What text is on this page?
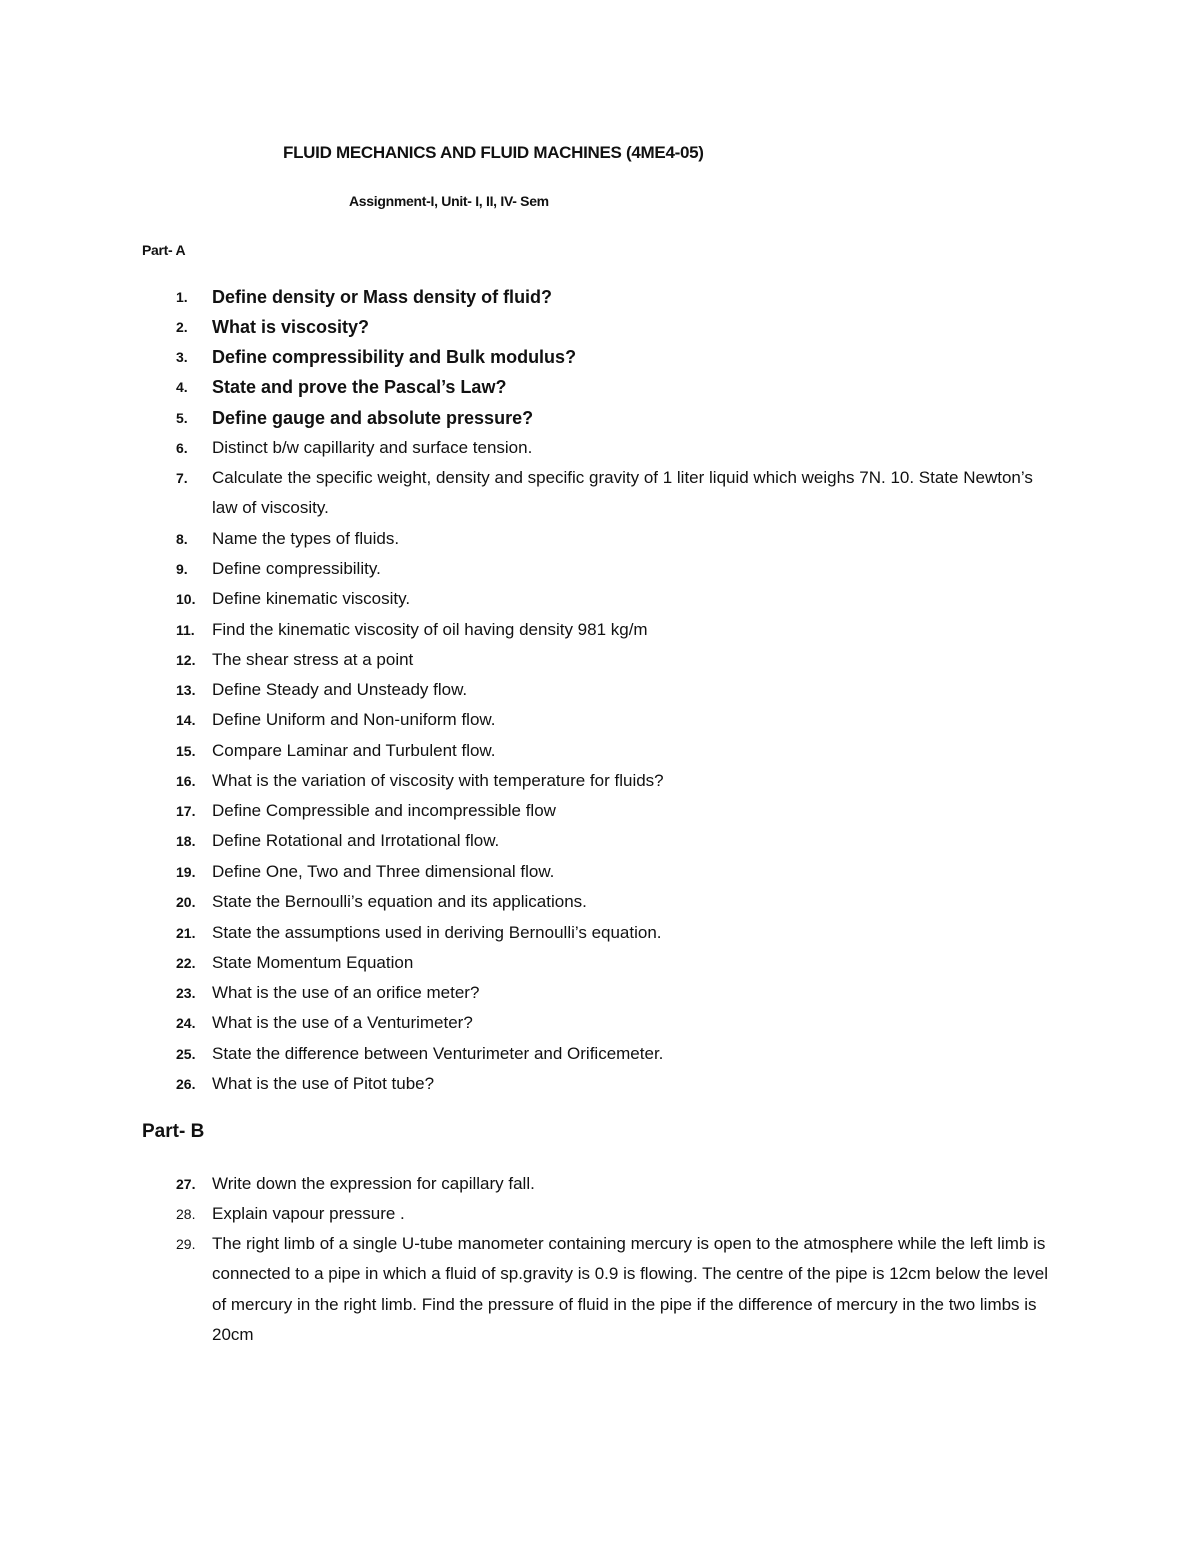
FLUID MECHANICS AND FLUID MACHINES (4ME4-05)
Assignment-I, Unit- I, II, IV- Sem
Part- A
1. Define density or Mass density of fluid?
2. What is viscosity?
3. Define compressibility and Bulk modulus?
4. State and prove the Pascal’s Law?
5. Define gauge and absolute pressure?
6. Distinct b/w capillarity and surface tension.
7. Calculate the specific weight, density and specific gravity of 1 liter liquid which weighs 7N. 10. State Newton’s law of viscosity.
8. Name the types of fluids.
9. Define compressibility.
10. Define kinematic viscosity.
11. Find the kinematic viscosity of oil having density 981 kg/m
12. The shear stress at a point
13. Define Steady and Unsteady flow.
14. Define Uniform and Non-uniform flow.
15. Compare Laminar and Turbulent flow.
16. What is the variation of viscosity with temperature for fluids?
17. Define Compressible and incompressible flow
18. Define Rotational and Irrotational flow.
19. Define One, Two and Three dimensional flow.
20. State the Bernoulli’s equation and its applications.
21. State the assumptions used in deriving Bernoulli’s equation.
22. State Momentum Equation
23. What is the use of an orifice meter?
24. What is the use of a Venturimeter?
25. State the difference between Venturimeter and Orificemeter.
26. What is the use of Pitot tube?
Part- B
27. Write down the expression for capillary fall.
28. Explain vapour pressure .
29. The right limb of a single U-tube manometer containing mercury is open to the atmosphere while the left limb is connected to a pipe in which a fluid of sp.gravity is 0.9 is flowing. The centre of the pipe is 12cm below the level of mercury in the right limb. Find the pressure of fluid in the pipe if the difference of mercury in the two limbs is 20cm
